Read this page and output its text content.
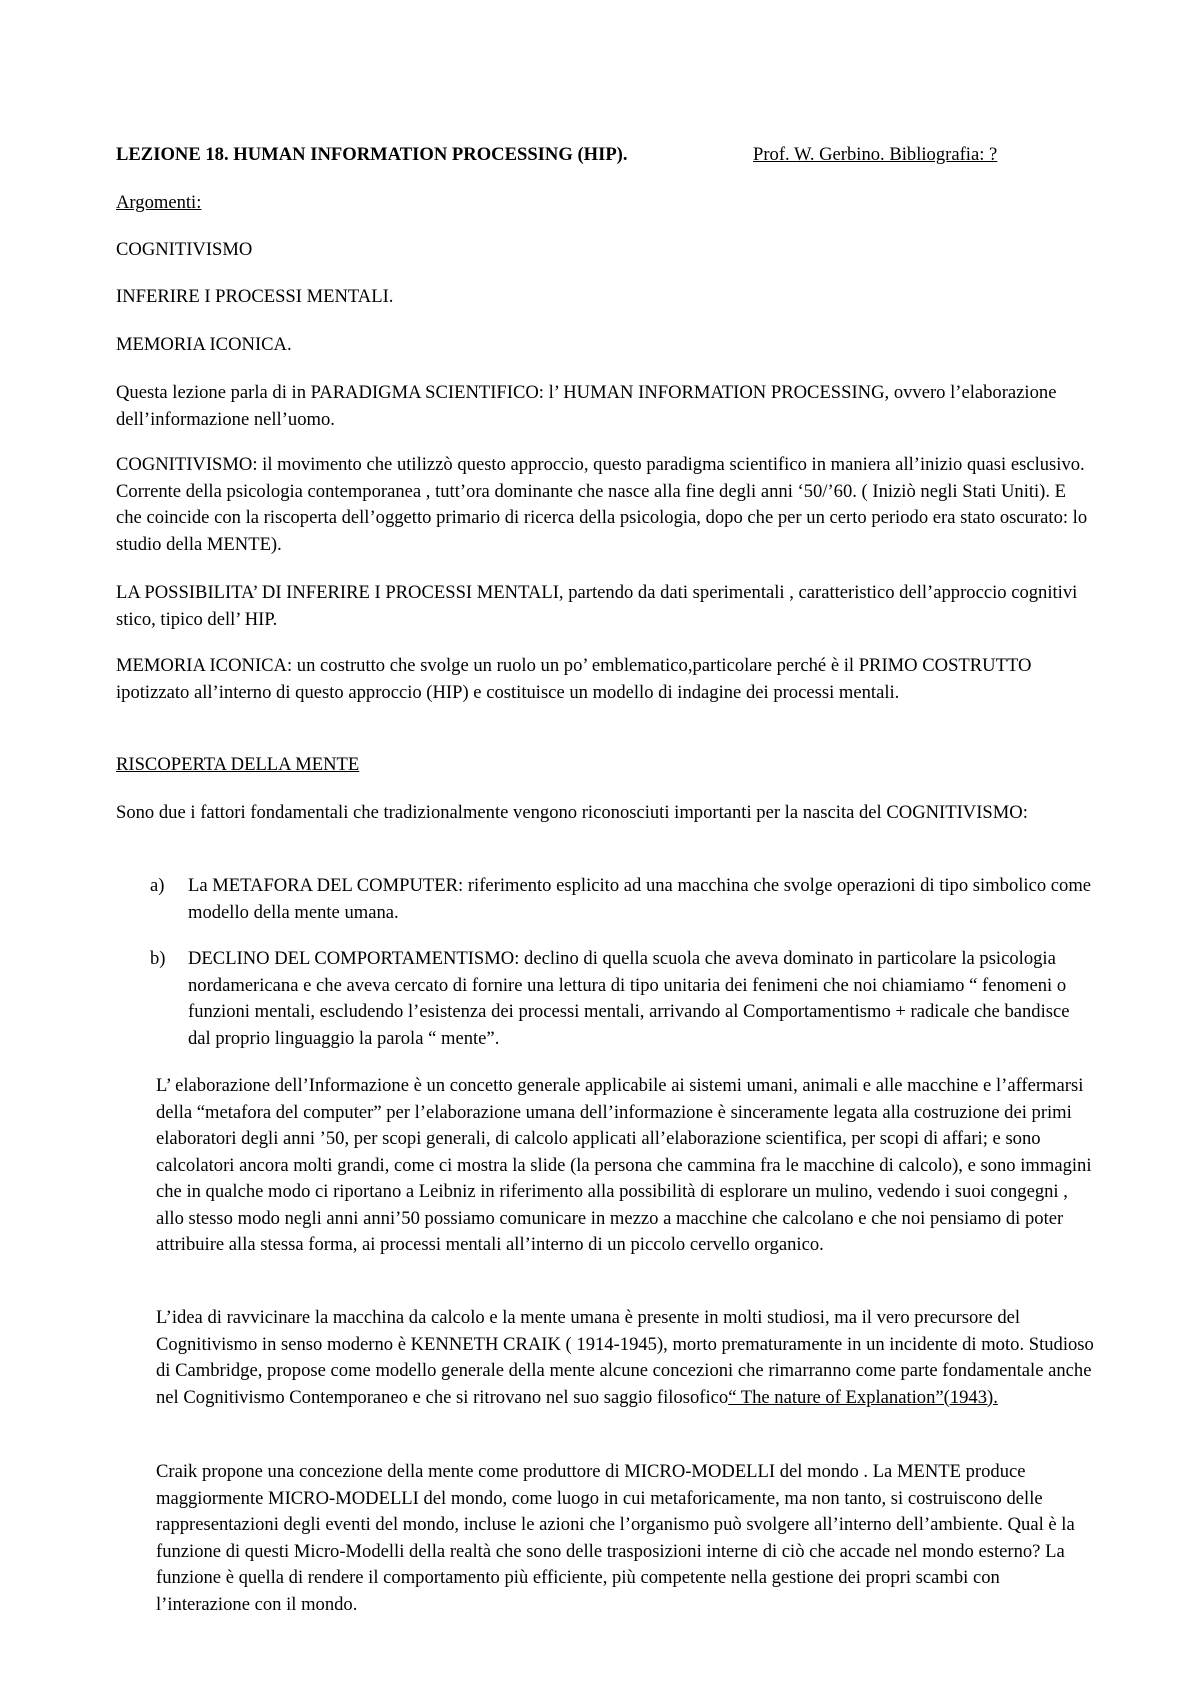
LEZIONE 18. HUMAN INFORMATION PROCESSING (HIP).	Prof. W. Gerbino. Bibliografia: ?

Argomenti:

COGNITIVISMO

INFERIRE I PROCESSI MENTALI.

MEMORIA ICONICA.

Questa lezione parla di in PARADIGMA SCIENTIFICO: l’ HUMAN INFORMATION PROCESSING, ovvero l’elaborazione dell’informazione nell’uomo.

COGNITIVISMO: il movimento che utilizzò questo approccio, questo paradigma scientifico in maniera all’inizio quasi esclusivo. Corrente della psicologia contemporanea , tutt’ora dominante che nasce alla fine degli anni ‘50/’60. ( Iniziò negli Stati Uniti). E che coincide con la riscoperta dell’oggetto primario di ricerca della psicologia, dopo che per un certo periodo era stato oscurato: lo studio della MENTE).

LA POSSIBILITA’ DI INFERIRE I PROCESSI MENTALI, partendo da dati sperimentali , caratteristico dell’approccio cognitivi stico, tipico dell’ HIP.

MEMORIA ICONICA: un costrutto che svolge un ruolo un po’ emblematico,particolare perché è il PRIMO COSTRUTTO ipotizzato all’interno di questo approccio (HIP) e costituisce un modello di indagine dei processi mentali.

RISCOPERTA DELLA MENTE

Sono due i fattori fondamentali che tradizionalmente vengono riconosciuti importanti per la nascita del COGNITIVISMO:

a)	La METAFORA DEL COMPUTER: riferimento esplicito ad una macchina che svolge operazioni di tipo simbolico come modello della mente umana.
b)	DECLINO DEL COMPORTAMENTISMO: declino di quella scuola che aveva dominato in particolare la psicologia nordamericana e che aveva cercato di fornire una lettura di tipo unitaria dei fenimeni che noi chiamiamo “ fenomeni o funzioni mentali, escludendo l’esistenza dei processi mentali, arrivando al Comportamentismo + radicale che bandisce dal proprio linguaggio la parola “ mente”.

L’ elaborazione dell’Informazione è un concetto generale applicabile ai sistemi umani, animali e alle macchine e l’affermarsi della “metafora del computer” per l’elaborazione umana dell’informazione è sinceramente legata alla costruzione dei primi elaboratori degli anni ’50, per scopi generali, di calcolo applicati all’elaborazione scientifica, per scopi di affari; e sono calcolatori ancora molti grandi, come ci mostra la slide (la persona che cammina fra le macchine di calcolo), e sono immagini che in qualche modo ci riportano a Leibniz in riferimento alla possibilità di esplorare un mulino, vedendo i suoi congegni , allo stesso modo negli anni anni’50 possiamo comunicare in mezzo a macchine che calcolano e che noi pensiamo di poter attribuire alla stessa forma, ai processi mentali all’interno di un piccolo cervello organico.

L’idea di ravvicinare la macchina da calcolo e la mente umana è presente in molti studiosi, ma il vero precursore del Cognitivismo in senso moderno è KENNETH CRAIK ( 1914-1945), morto prematuramente in un incidente di moto. Studioso di Cambridge, propose come modello generale della mente alcune concezioni che rimarranno come parte fondamentale anche nel Cognitivismo Contemporaneo e che si ritrovano nel suo saggio filosofico“ The nature of Explanation”(1943).

Craik propone una concezione della mente come produttore di MICRO-MODELLI del mondo . La MENTE produce maggiormente MICRO-MODELLI del mondo, come luogo in cui metaforicamente, ma non tanto, si costruiscono delle rappresentazioni degli eventi del mondo, incluse le azioni che l’organismo può svolgere all’interno dell’ambiente. Qual è la funzione di questi Micro-Modelli della realtà che sono delle trasposizioni interne di ciò che accade nel mondo esterno? La funzione è quella di rendere il comportamento più efficiente, più competente nella gestione dei propri scambi con l’interazione con il mondo.
